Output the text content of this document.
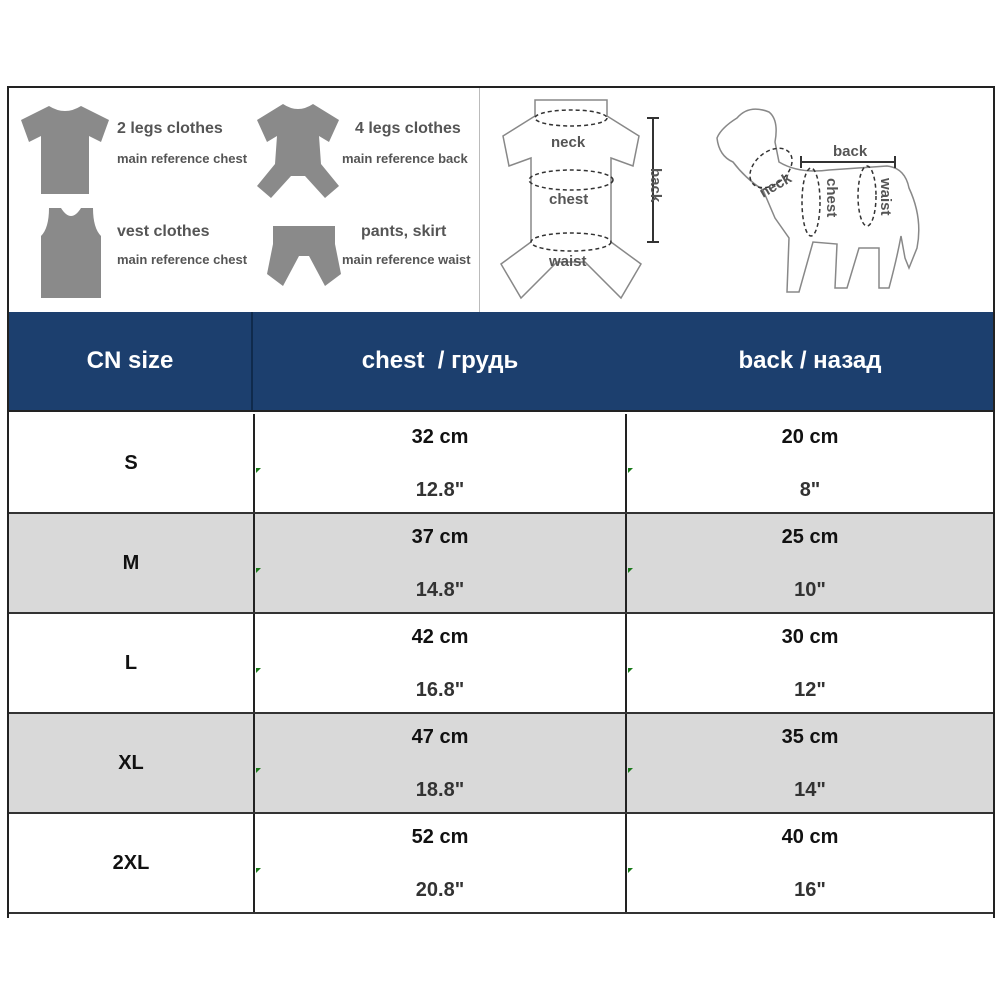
2 legs clothes
main reference chest
4 legs clothes
main reference back
vest clothes
main reference chest
pants, skirt
main reference waist
neck
chest
waist
back
back
neck chest waist
CN size	chest  / грудь	back / назад
S
32 cm
12.8"
20 cm
8"
M
37 cm
14.8"
25 cm
10"
L
42 cm
16.8"
30 cm
12"
XL
47 cm
18.8"
35 cm
14"
2XL
52 cm
20.8"
40 cm
16"
